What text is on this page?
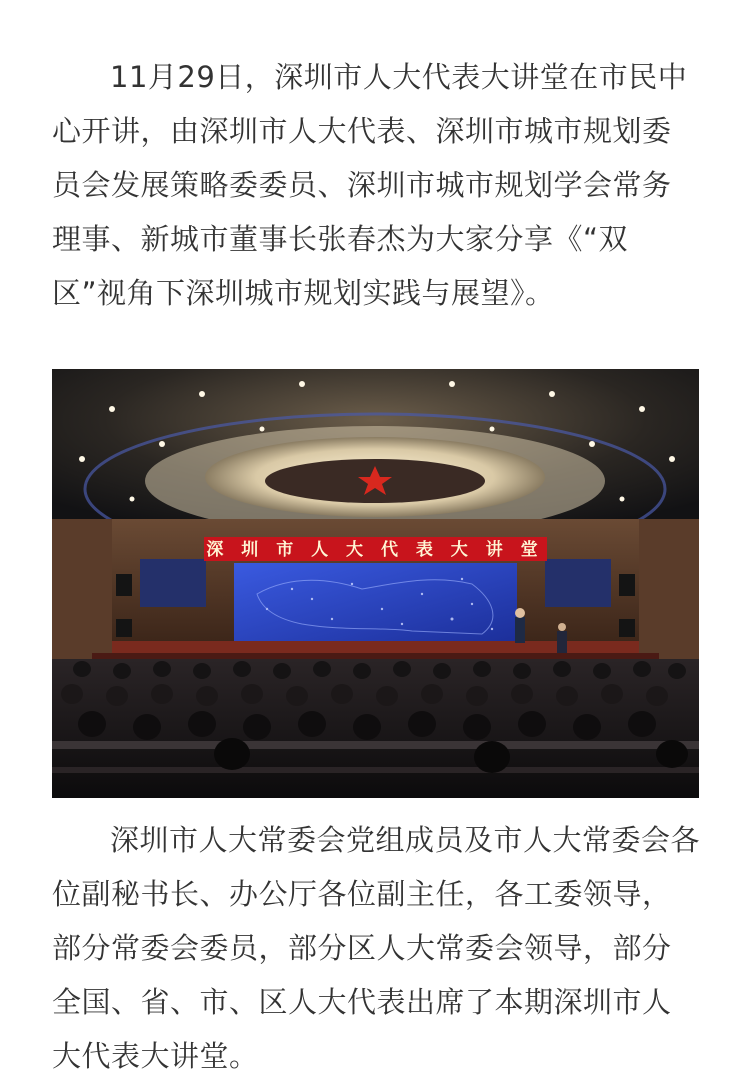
11月29日，深圳市人大代表大讲堂在市民中心开讲，由深圳市人大代表、深圳市城市规划委员会发展策略委委员、深圳市城市规划学会常务理事、新城市董事长张春杰为大家分享《“双区”视角下深圳城市规划实践与展望》。

深 圳 市 人 大 代 表 大 讲 堂

深圳市人大常委会党组成员及市人大常委会各位副秘书长、办公厅各位副主任，各工委领导，部分常委会委员，部分区人大常委会领导，部分全国、省、市、区人大代表出席了本期深圳市人大代表大讲堂。
